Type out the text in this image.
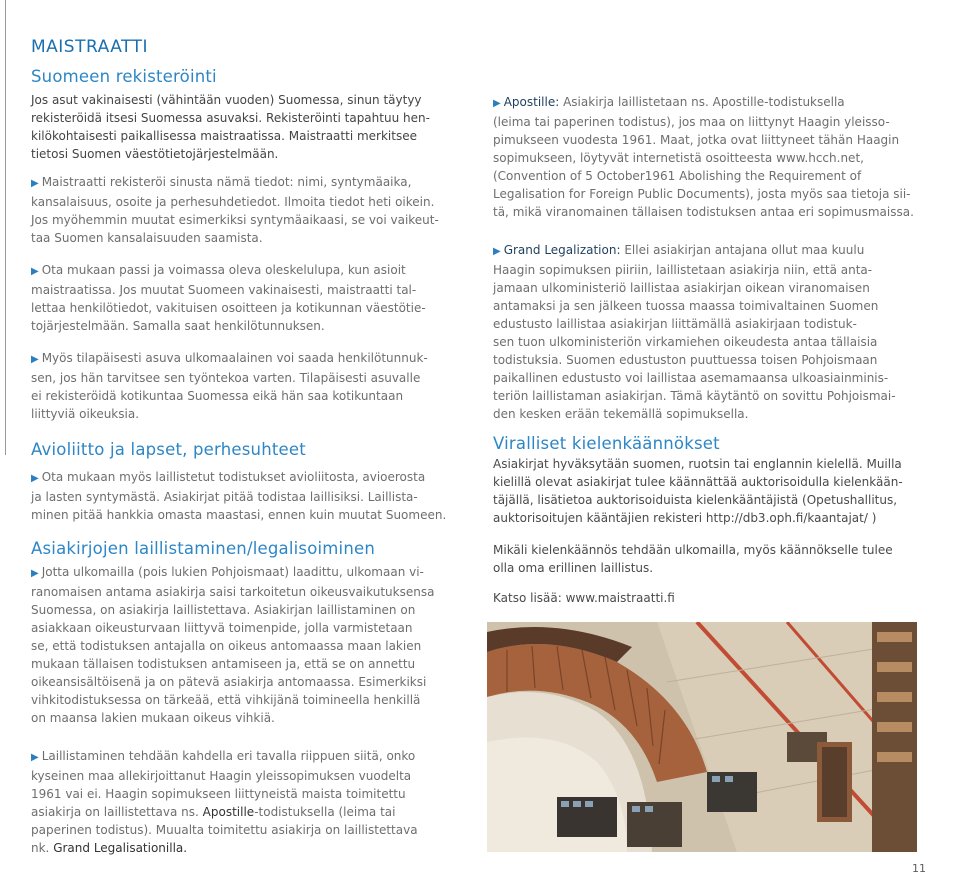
MAISTRAATTI
Suomeen rekisteröinti

Jos asut vakinaisesti (vähintään vuoden) Suomessa, sinun täytyy
rekisteröidä itsesi Suomessa asuvaksi. Rekisteröinti tapahtuu hen-
kilökohtaisesti paikallisessa maistraatissa. Maistraatti merkitsee
tietosi Suomen väestötietojärjestelmään.

▶ Maistraatti rekisteröi sinusta nämä tiedot: nimi, syntymäaika,
kansalaisuus, osoite ja perhesuhdetiedot. Ilmoita tiedot heti oikein.
Jos myöhemmin muutat esimerkiksi syntymäaikaasi, se voi vaikeut-
taa Suomen kansalaisuuden saamista.

▶ Ota mukaan passi ja voimassa oleva oleskelulupa, kun asioit
maistraatissa. Jos muutat Suomeen vakinaisesti, maistraatti tal-
lettaa henkilötiedot, vakituisen osoitteen ja kotikunnan väestötie-
tojärjestelmään. Samalla saat henkilötunnuksen.

▶ Myös tilapäisesti asuva ulkomaalainen voi saada henkilötunnuk-
sen, jos hän tarvitsee sen työntekoa varten. Tilapäisesti asuvalle
ei rekisteröidä kotikuntaa Suomessa eikä hän saa kotikuntaan
liittyviä oikeuksia.

Avioliitto ja lapset, perhesuhteet

▶ Ota mukaan myös laillistetut todistukset avioliitosta, avioerosta
ja lasten syntymästä. Asiakirjat pitää todistaa laillisiksi. Laillista-
minen pitää hankkia omasta maastasi, ennen kuin muutat Suomeen.

Asiakirjojen laillistaminen/legalisoiminen

▶ Jotta ulkomailla (pois lukien Pohjoismaat) laadittu, ulkomaan vi-
ranomaisen antama asiakirja saisi tarkoitetun oikeusvaikutuksensa
Suomessa, on asiakirja laillistettava. Asiakirjan laillistaminen on
asiakkaan oikeusturvaan liittyvä toimenpide, jolla varmistetaan
se, että todistuksen antajalla on oikeus antomaassa maan lakien
mukaan tällaisen todistuksen antamiseen ja, että se on annettu
oikeansisältöisenä ja on pätevä asiakirja antomaassa. Esimerkiksi
vihkitodistuksessa on tärkeää, että vihkijänä toimineella henkillä
on maansa lakien mukaan oikeus vihkiä.

▶ Laillistaminen tehdään kahdella eri tavalla riippuen siitä, onko
kyseinen maa allekirjoittanut Haagin yleissopimuksen vuodelta
1961 vai ei. Haagin sopimukseen liittyneistä maista toimitettu
asiakirja on laillistettava ns. Apostille-todistuksella (leima tai
paperinen todistus). Muualta toimitettu asiakirja on laillistettava
nk. Grand Legalisationilla.

▶ Apostille: Asiakirja laillistetaan ns. Apostille-todistuksella
(leima tai paperinen todistus), jos maa on liittynyt Haagin yleisso-
pimukseen vuodesta 1961. Maat, jotka ovat liittyneet tähän Haagin
sopimukseen, löytyvät internetistä osoitteesta www.hcch.net,
(Convention of 5 October1961 Abolishing the Requirement of
Legalisation for Foreign Public Documents), josta myös saa tietoja sii-
tä, mikä viranomainen tällaisen todistuksen antaa eri sopimusmaissa.

▶ Grand Legalization: Ellei asiakirjan antajana ollut maa kuulu
Haagin sopimuksen piiriin, laillistetaan asiakirja niin, että anta-
jamaan ulkoministeriö laillistaa asiakirjan oikean viranomaisen
antamaksi ja sen jälkeen tuossa maassa toimivaltainen Suomen
edustusto laillistaa asiakirjan liittämällä asiakirjaan todistuk-
sen tuon ulkoministeriön virkamiehen oikeudesta antaa tällaisia
todistuksia. Suomen edustuston puuttuessa toisen Pohjoismaan
paikallinen edustusto voi laillistaa asemamaansa ulkoasiainminis-
teriön laillistaman asiakirjan. Tämä käytäntö on sovittu Pohjoismai-
den kesken erään tekemällä sopimuksella.

Viralliset kielenkäännökset

Asiakirjat hyväksytään suomen, ruotsin tai englannin kielellä. Muilla
kielillä olevat asiakirjat tulee käännättää auktorisoidulla kielenkään-
täjällä, lisätietoa auktorisoiduista kielenkääntäjistä (Opetushallitus,
auktorisoitujen kääntäjien rekisteri http://db3.oph.fi/kaantajat/ )

Mikäli kielenkäännös tehdään ulkomailla, myös käännökselle tulee
olla oma erillinen laillistus.

Katso lisää: www.maistraatti.fi

11
